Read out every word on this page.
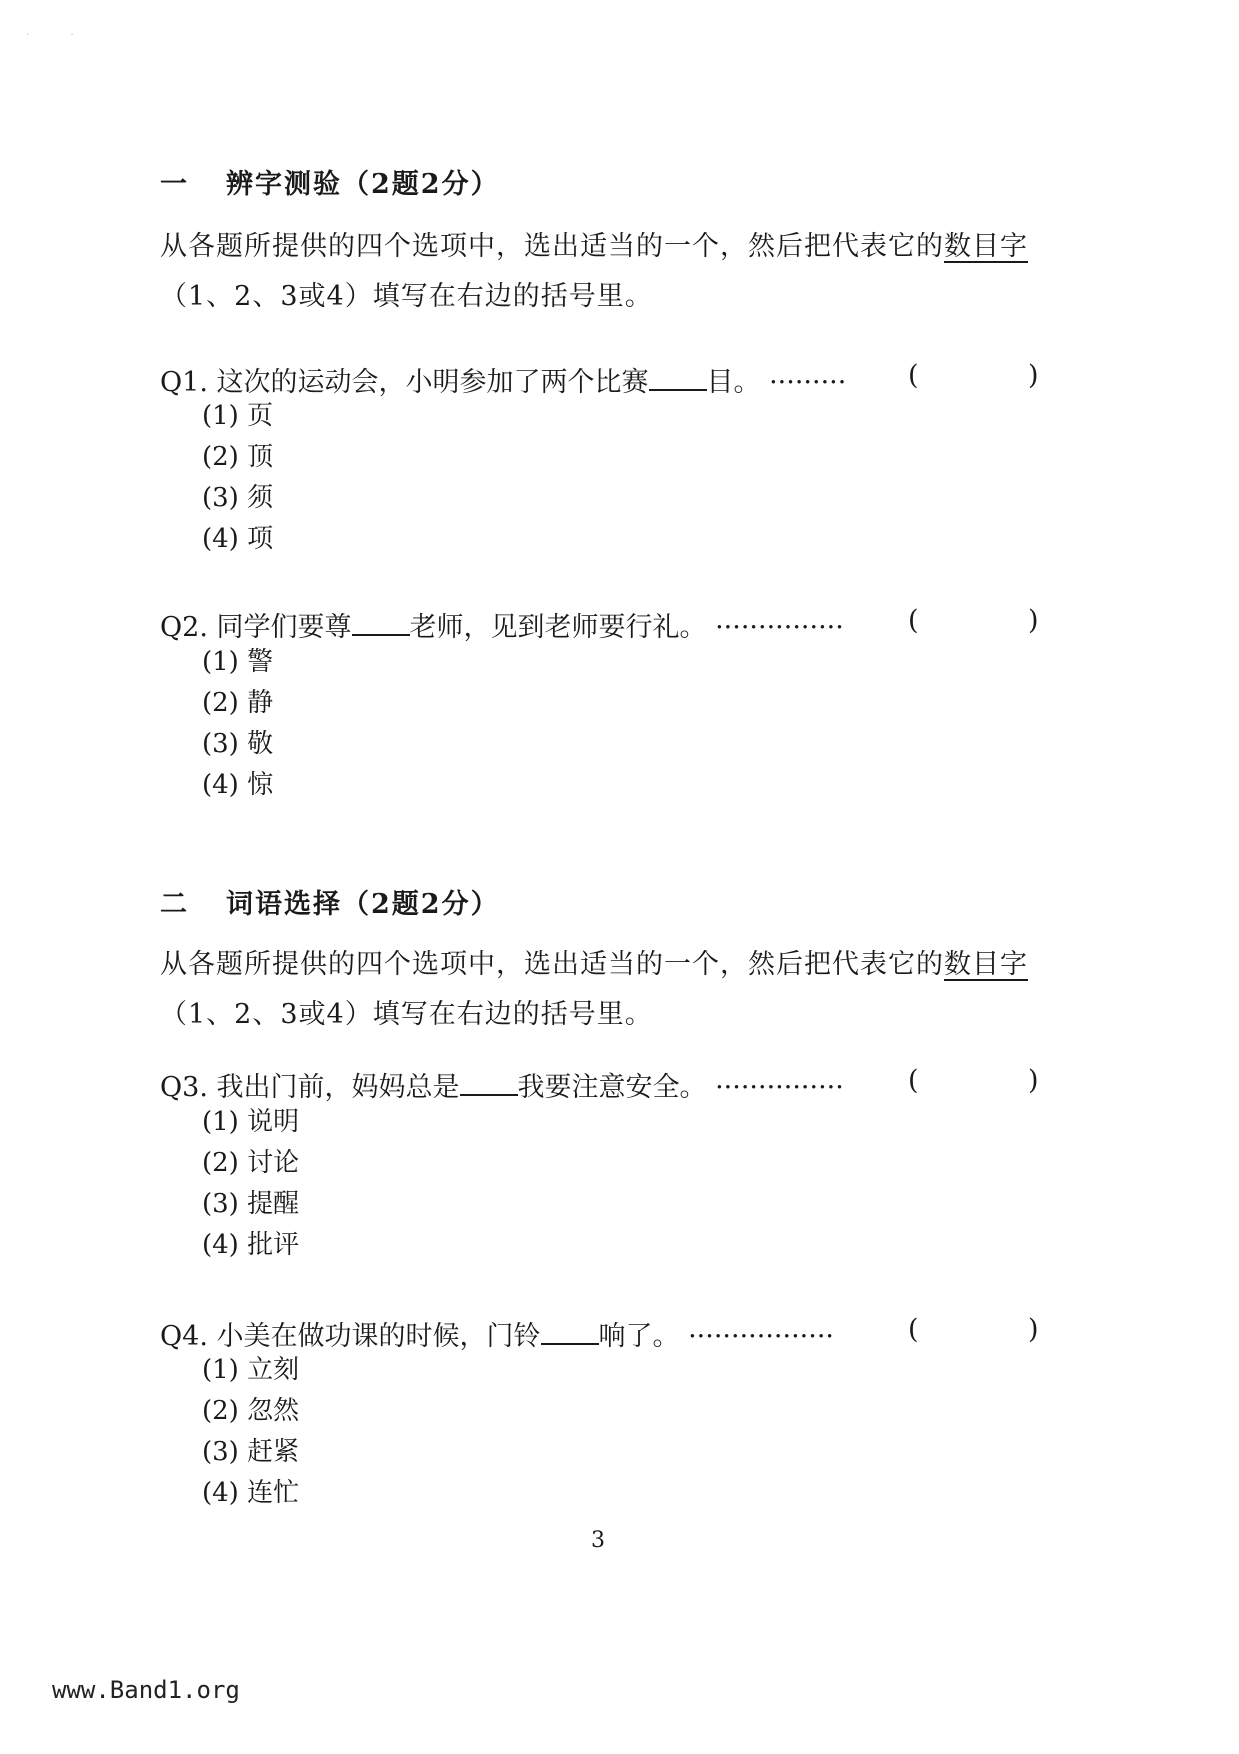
·             ·
一 辨字测验（2题2分）
从各题所提供的四个选项中，选出适当的一个，然后把代表它的数目字
（1、2、3或4）填写在右边的括号里。
Q1. 这次的运动会，小明参加了两个比赛 目。 ········· (	)
(1) 页
(2) 顶
(3) 须
(4) 项
Q2. 同学们要尊 老师，见到老师要行礼。 ··············· (	)
(1) 警
(2) 静
(3) 敬
(4) 惊
二 词语选择（2题2分）
从各题所提供的四个选项中，选出适当的一个，然后把代表它的数目字
（1、2、3或4）填写在右边的括号里。
Q3. 我出门前，妈妈总是 我要注意安全。 ··············· (	)
(1) 说明
(2) 讨论
(3) 提醒
(4) 批评
Q4. 小美在做功课的时候，门铃 响了。 ·················	(	)
(1) 立刻
(2) 忽然
(3) 赶紧
(4) 连忙
3
www.Band1.org
